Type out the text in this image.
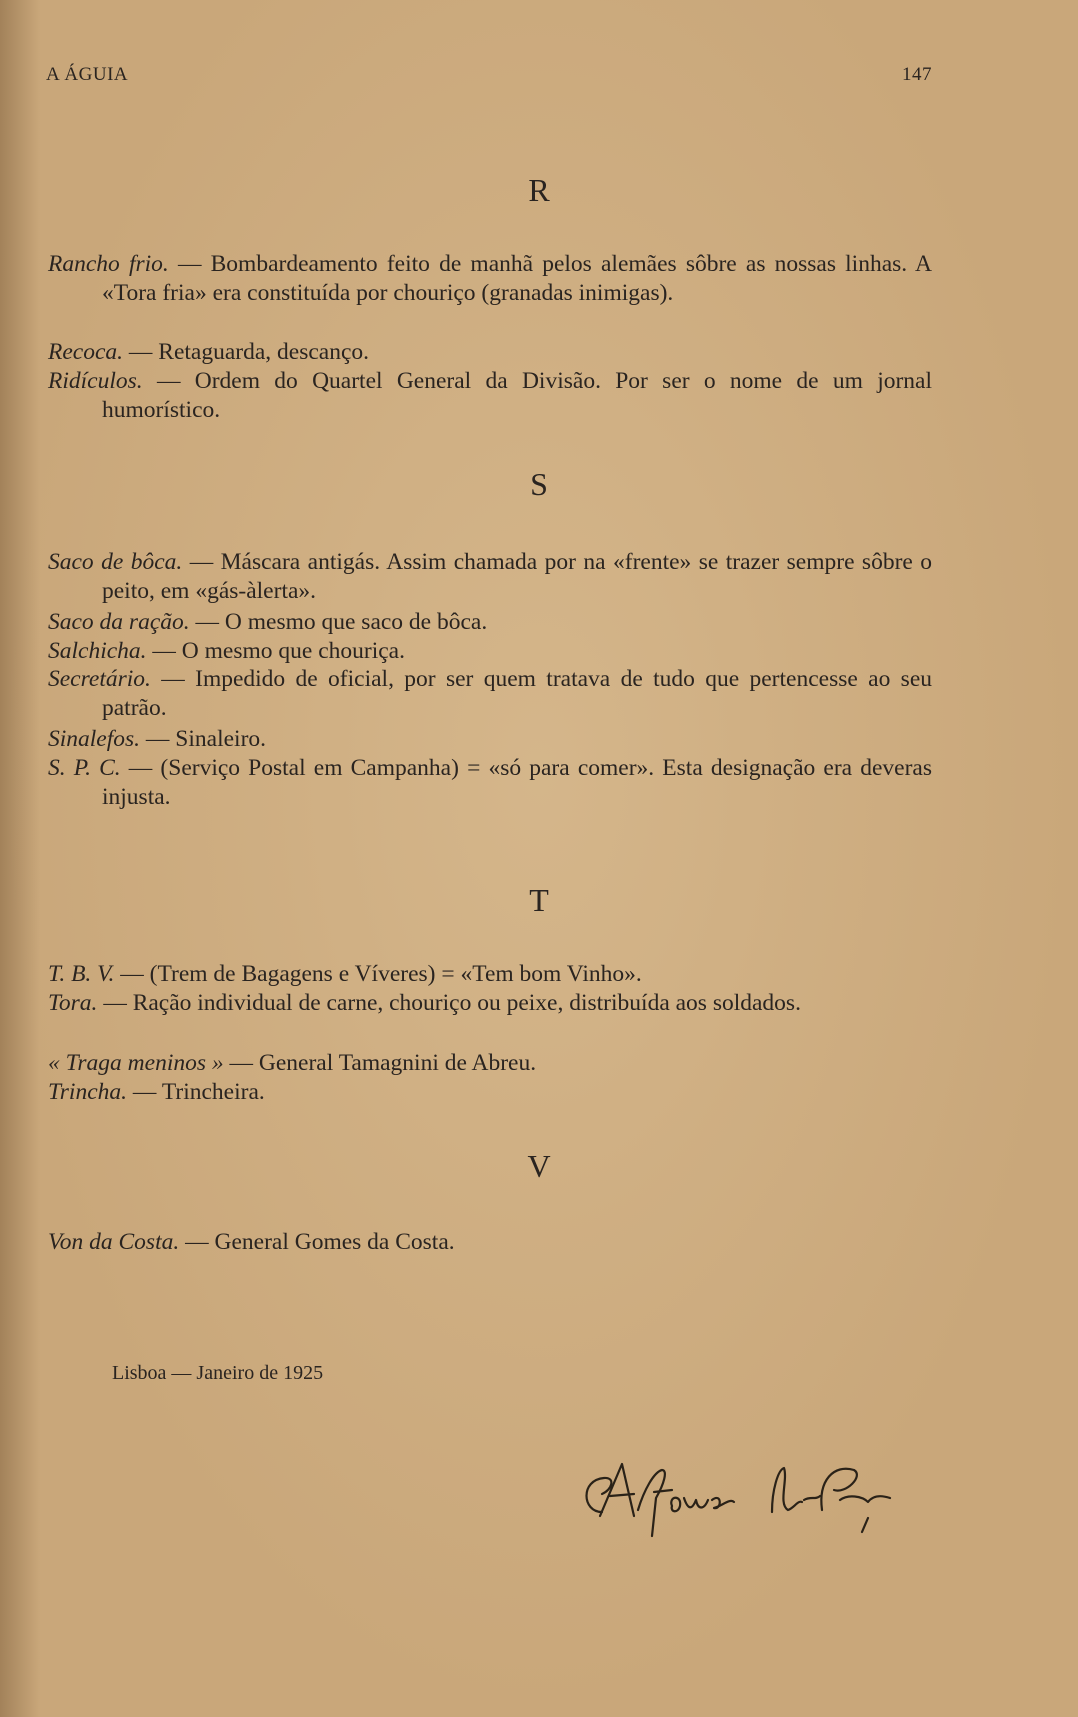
A ÁGUIA	147
R

Rancho frio. — Bombardeamento feito de manhã pelos alemães sôbre as nossas linhas. A «Tora fria» era constituída por chouriço (granadas inimigas).

Recoca. — Retaguarda, descanço.

Ridículos. — Ordem do Quartel General da Divisão. Por ser o nome de um jornal humorístico.

S

Saco de bôca. — Máscara antigás. Assim chamada por na «frente» se trazer sempre sôbre o peito, em «gás-àlerta».

Saco da ração. — O mesmo que saco de bôca.

Salchicha. — O mesmo que chouriça.

Secretário. — Impedido de oficial, por ser quem tratava de tudo que pertencesse ao seu patrão.

Sinalefos. — Sinaleiro.

S. P. C. — (Serviço Postal em Campanha) = «só para comer». Esta designação era deveras injusta.

T

T. B. V. — (Trem de Bagagens e Víveres) = «Tem bom Vinho».

Tora. — Ração individual de carne, chouriço ou peixe, distribuída aos soldados.

« Traga meninos » — General Tamagnini de Abreu.

Trincha. — Trincheira.

V

Von da Costa. — General Gomes da Costa.

Lisboa — Janeiro de 1925
